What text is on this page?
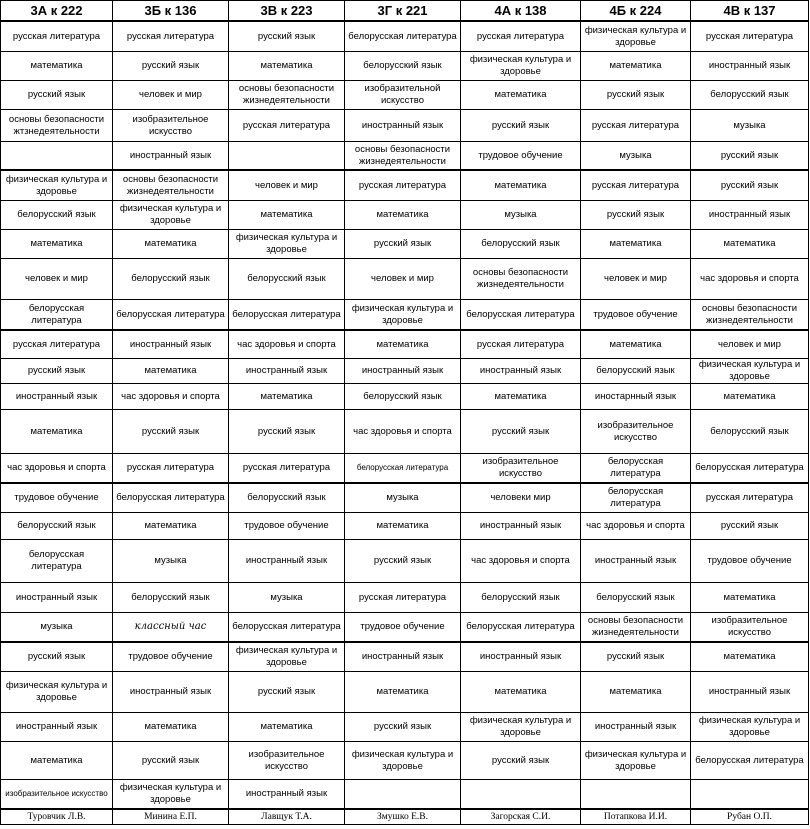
3А к 222	3Б к 136	3В к 223	3Г к 221	4А к 138	4Б к 224	4В к 137
русская литература	русская литература	русский язык	белорусская литература	русская литература	физическая культура и здоровье	русская литература
математика	русский язык	математика	белорусский язык	физическая культура и здоровье	математика	иностранный язык
русский язык	человек и мир	основы безопасности жизнедеятельности	изобразительной искусство	математика	русский язык	белорусский язык
основы безопасности жтзнедеятельности	изобразительное искусство	русская литература	иностранный язык	русский язык	русская литература	музыка
	иностранный язык		основы безопасности жизнедеятельности	трудовое обучение	музыка	русский язык
физическая культура и здоровье	основы безопасности жизнедеятельности	человек и мир	русская литература	математика	русская литература	русский язык
белорусский язык	физическая культура и здоровье	математика	математика	музыка	русский язык	иностранный язык
математика	математика	физическая культура и здоровье	русский язык	белорусский язык	математика	математика
человек и мир	белорусский язык	белорусский язык	человек и мир	основы безопасности жизнедеятельности	человек и мир	час здоровья и спорта
белорусская литература	белорусская литература	белорусская литература	физическая культура и здоровье	белорусская литература	трудовое обучение	основы безопасности жизнедеятельности
русская литература	иностранный язык	час здоровья и спорта	математика	русская литература	математика	человек и мир
русский язык	математика	иностранный язык	иностранный язык	иностранный язык	белорусский язык	физическая культура и здоровье
иностранный язык	час здоровья и спорта	математика	белорусский язык	математика	иностарнный язык	математика
математика	русский язык	русский язык	час здоровья и спорта	русский язык	изобразительное искусство	белорусский язык
час здоровья и спорта	русская литература	русская литература	белорусская литература	изобразительное искусство	белорусская литература	белорусская литература
трудовое обучение	белорусская литература	белорусский язык	музыка	человеки мир	белорусская литература	русская литература
белорусский язык	математика	трудовое обучение	математика	иностранный язык	час здоровья и спорта	русский язык
белорусская литература	музыка	иностранный язык	русский язык	час здоровья и спорта	иностранный язык	трудовое обучение
иностранный язык	белорусский язык	музыка	русская литература	белорусский язык	белорусский язык	математика
музыка	классный час	белорусская литература	трудовое обучение	белорусская литература	основы безопасности жизнедеятельности	изобразительное искусство
русский язык	трудовое обучение	физическая культура и здоровье	иностранный язык	иностранный язык	русский язык	математика
физическая культура и здоровье	иностранный язык	русский язык	математика	математика	математика	иностранный язык
иностранный язык	математика	математика	русский язык	физическая культура и здоровье	иностранный язык	физическая культура и здоровье
математика	русский язык	изобразительное искусство	физическая культура и здоровье	русский язык	физическая культура и здоровье	белорусская литература
изобразительное искусство	физическая культура и здоровье	иностранный язык				
Туровчик Л.В.	Минина Е.П.	Лавщук Т.А.	Змушко Е.В.	Загорская С.И.	Потапкова И.И.	Рубан О.П.
